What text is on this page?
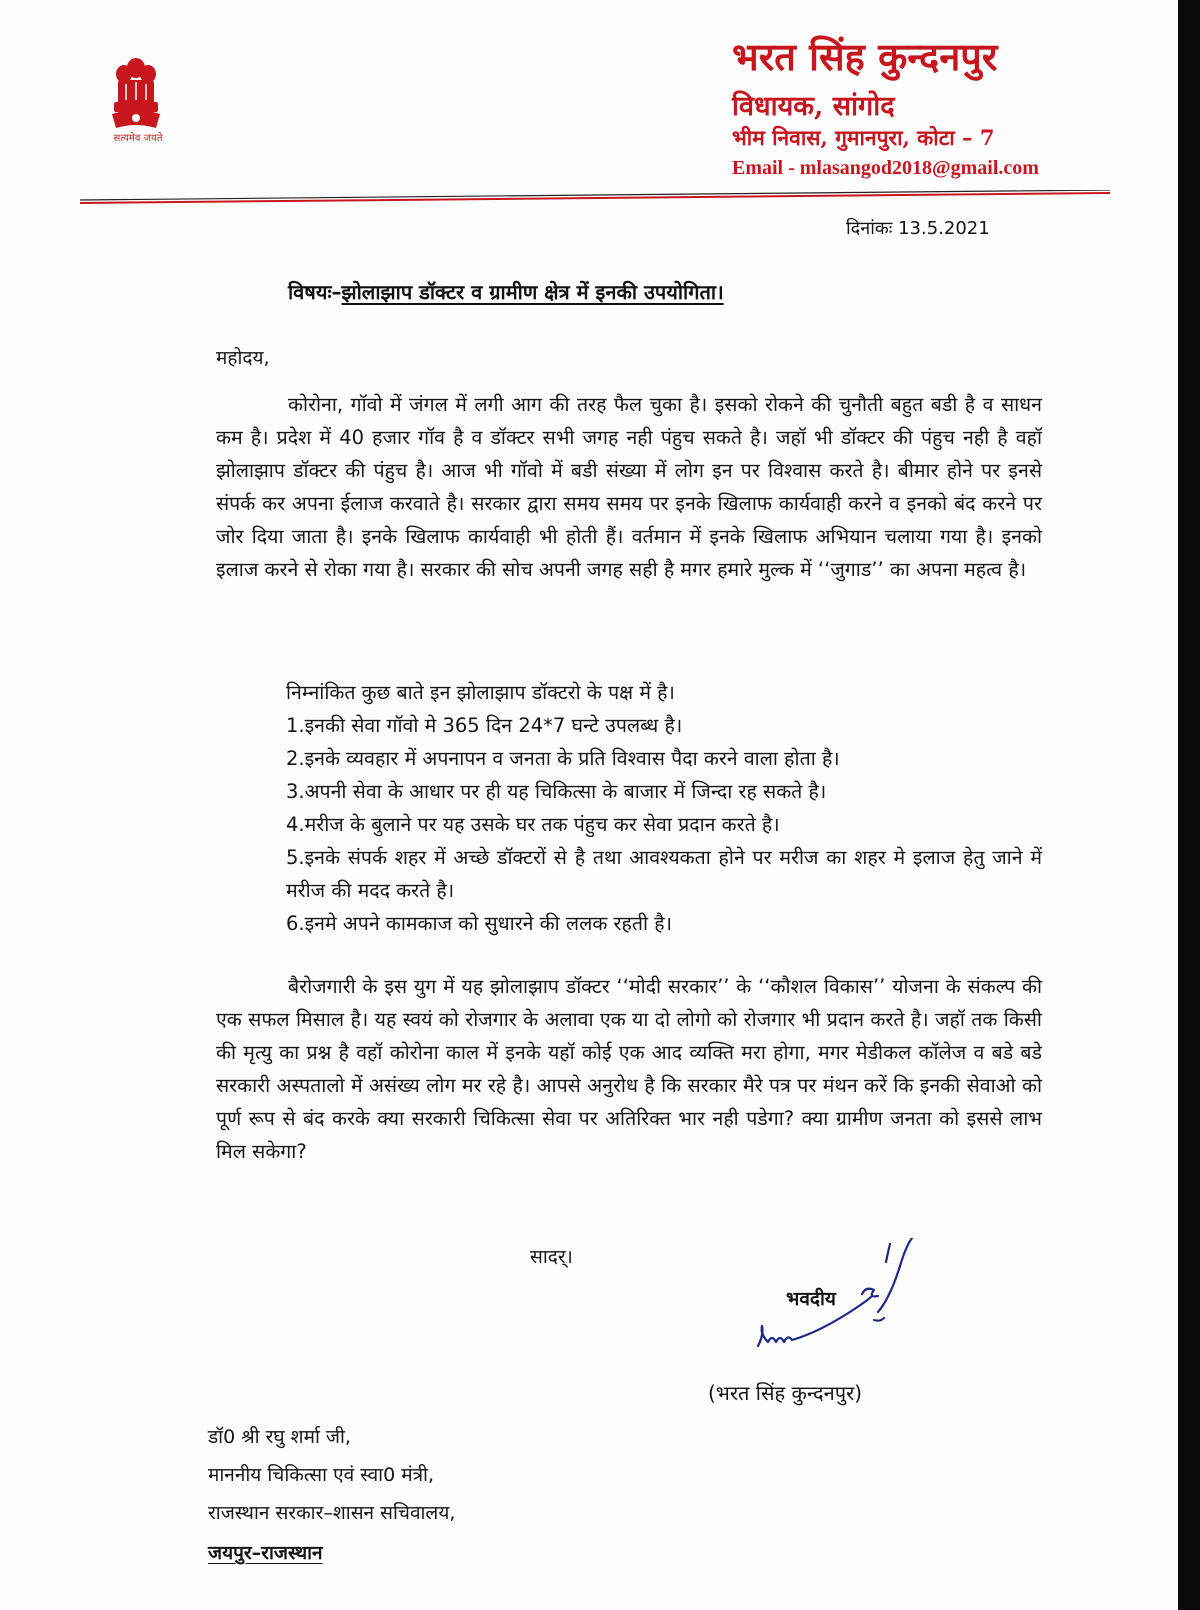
सत्यमेव जयते
भरत सिंह कुन्दनपुर
विधायक, सांगोद
भीम निवास, गुमानपुरा, कोटा – 7
Email - mlasangod2018@gmail.com
दिनांकः 13.5.2021
विषयः–झोलाझाप डॉक्टर व ग्रामीण क्षेत्र में इनकी उपयोगिता।
महोदय,

कोरोना, गॉवो में जंगल में लगी आग की तरह फैल चुका है। इसको रोकने की चुनौती बहुत बडी है व साधन कम है। प्रदेश में 40 हजार गॉव है व डॉक्टर सभी जगह नही पंहुच सकते है। जहॉ भी डॉक्टर की पंहुच नही है वहॉ झोलाझाप डॉक्टर की पंहुच है। आज भी गॉवो में बडी संख्या में लोग इन पर विश्वास करते है। बीमार होने पर इनसे संपर्क कर अपना ईलाज करवाते है। सरकार द्वारा समय समय पर इनके खिलाफ कार्यवाही करने व इनको बंद करने पर जोर दिया जाता है। इनके खिलाफ कार्यवाही भी होती हैं। वर्तमान में इनके खिलाफ अभियान चलाया गया है। इनको इलाज करने से रोका गया है। सरकार की सोच अपनी जगह सही है मगर हमारे मुल्क में ‘‘जुगाड’’ का अपना महत्व है।

निम्नांकित कुछ बाते इन झोलाझाप डॉक्टरो के पक्ष में है।
1.इनकी सेवा गॉवो मे 365 दिन 24*7 घन्टे उपलब्ध है।
2.इनके व्यवहार में अपनापन व जनता के प्रति विश्वास पैदा करने वाला होता है।
3.अपनी सेवा के आधार पर ही यह चिकित्सा के बाजार में जिन्दा रह सकते है।
4.मरीज के बुलाने पर यह उसके घर तक पंहुच कर सेवा प्रदान करते है।
5.इनके संपर्क शहर में अच्छे डॉक्टरों से है तथा आवश्यकता होने पर मरीज का शहर मे इलाज हेतु जाने में मरीज की मदद करते है।
6.इनमे अपने कामकाज को सुधारने की ललक रहती है।

बैरोजगारी के इस युग में यह झोलाझाप डॉक्टर ‘‘मोदी सरकार’’ के ‘‘कौशल विकास’’ योजना के संकल्प की एक सफल मिसाल है। यह स्वयं को रोजगार के अलावा एक या दो लोगो को रोजगार भी प्रदान करते है। जहॉ तक किसी की मृत्यु का प्रश्न है वहॉ कोरोना काल में इनके यहॉ कोई एक आद व्यक्ति मरा होगा, मगर मेडीकल कॉलेज व बडे बडे सरकारी अस्पतालो में असंख्य लोग मर रहे है। आपसे अनुरोध है कि सरकार मैरे पत्र पर मंथन करें कि इनकी सेवाओ को पूर्ण रूप से बंद करके क्या सरकारी चिकित्सा सेवा पर अतिरिक्त भार नही पडेगा? क्या ग्रामीण जनता को इससे लाभ मिल सकेगा?

सादर्।
भवदीय
(भरत सिंह कुन्दनपुर)
डॉ0 श्री रघु शर्मा जी,
माननीय चिकित्सा एवं स्वा0 मंत्री,
राजस्थान सरकार–शासन सचिवालय,
जयपुर–राजस्थान
